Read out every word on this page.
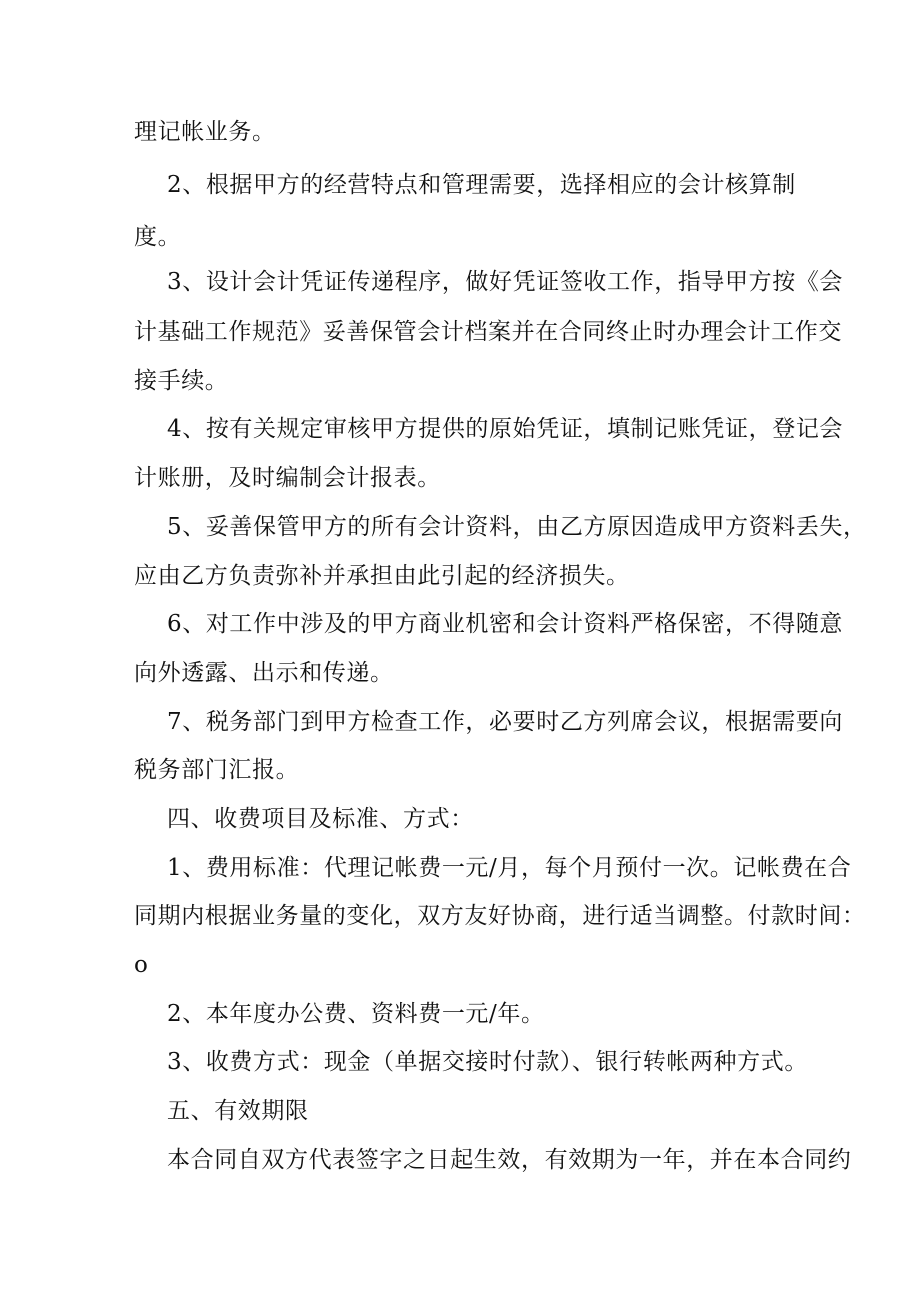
理记帐业务。
2、根据甲方的经营特点和管理需要，选择相应的会计核算制
度。
3、设计会计凭证传递程序，做好凭证签收工作，指导甲方按《会
计基础工作规范》妥善保管会计档案并在合同终止时办理会计工作交
接手续。
4、按有关规定审核甲方提供的原始凭证，填制记账凭证，登记会
计账册，及时编制会计报表。
5、妥善保管甲方的所有会计资料，由乙方原因造成甲方资料丢失，
应由乙方负责弥补并承担由此引起的经济损失。
6、对工作中涉及的甲方商业机密和会计资料严格保密，不得随意
向外透露、出示和传递。
7、税务部门到甲方检查工作，必要时乙方列席会议，根据需要向
税务部门汇报。
四、收费项目及标准、方式：
1、费用标准：代理记帐费一元/月，每个月预付一次。记帐费在合
同期内根据业务量的变化，双方友好协商，进行适当调整。付款时间：
o
2、本年度办公费、资料费一元/年。
3、收费方式：现金（单据交接时付款）、银行转帐两种方式。
五、有效期限
本合同自双方代表签字之日起生效，有效期为一年，并在本合同约
